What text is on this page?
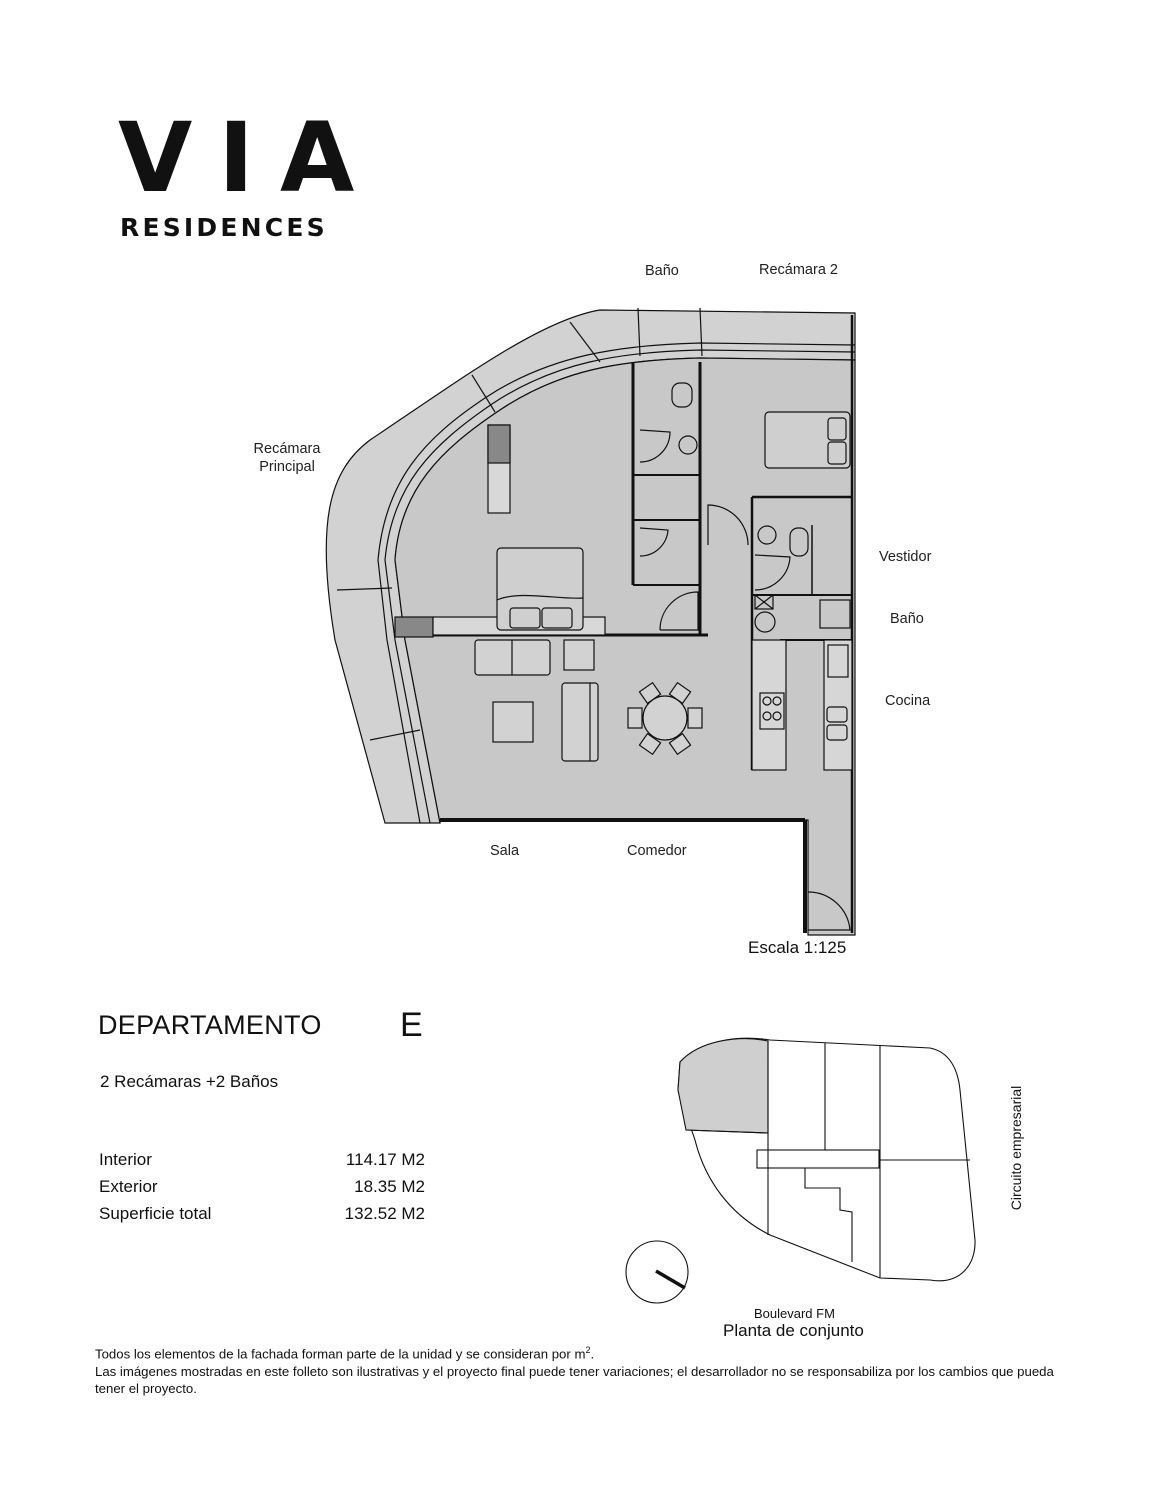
VIA
RESIDENCES
Baño	Recámara 2
Recámara
Principal
Vestidor
Baño
Cocina
Sala	Comedor
Escala 1:125
DEPARTAMENTO E
2 Recámaras +2 Baños
Interior	114.17 M2
Exterior	18.35 M2
Superficie total	132.52 M2
Circuito empresarial
Boulevard FM
Planta de conjunto

Todos los elementos de la fachada forman parte de la unidad y se consideran por $m^2$.

Las imágenes mostradas en este folleto son ilustrativas y el proyecto final puede tener variaciones; el desarrollador no se responsabiliza por los cambios que pueda tener el proyecto.
